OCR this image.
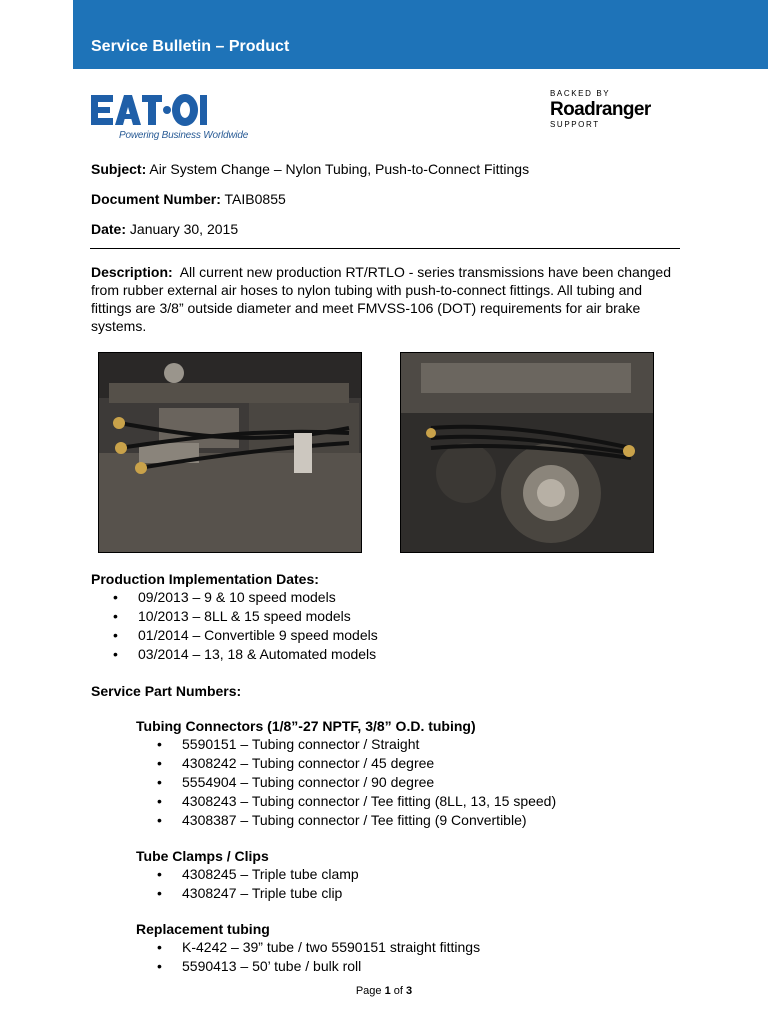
Service Bulletin – Product
Powering Business Worldwide
BACKED BY
Roadranger
SUPPORT
Subject: Air System Change – Nylon Tubing, Push-to-Connect Fittings
Document Number: TAIB0855
Date: January 30, 2015
Description: All current new production RT/RTLO - series transmissions have been changed from rubber external air hoses to nylon tubing with push-to-connect fittings. All tubing and fittings are 3/8” outside diameter and meet FMVSS-106 (DOT) requirements for air brake systems.
Production Implementation Dates:
• 09/2013 – 9 & 10 speed models
• 10/2013 – 8LL & 15 speed models
• 01/2014 – Convertible 9 speed models
• 03/2014 – 13, 18 & Automated models
Service Part Numbers:
Tubing Connectors (1/8”-27 NPTF, 3/8” O.D. tubing)
• 5590151 – Tubing connector / Straight
• 4308242 – Tubing connector / 45 degree
• 5554904 – Tubing connector / 90 degree
• 4308243 – Tubing connector / Tee fitting (8LL, 13, 15 speed)
• 4308387 – Tubing connector / Tee fitting (9 Convertible)
Tube Clamps / Clips
• 4308245 – Triple tube clamp
• 4308247 – Triple tube clip
Replacement tubing
• K-4242 – 39” tube / two 5590151 straight fittings
• 5590413 – 50’ tube / bulk roll
Page 1 of 3
